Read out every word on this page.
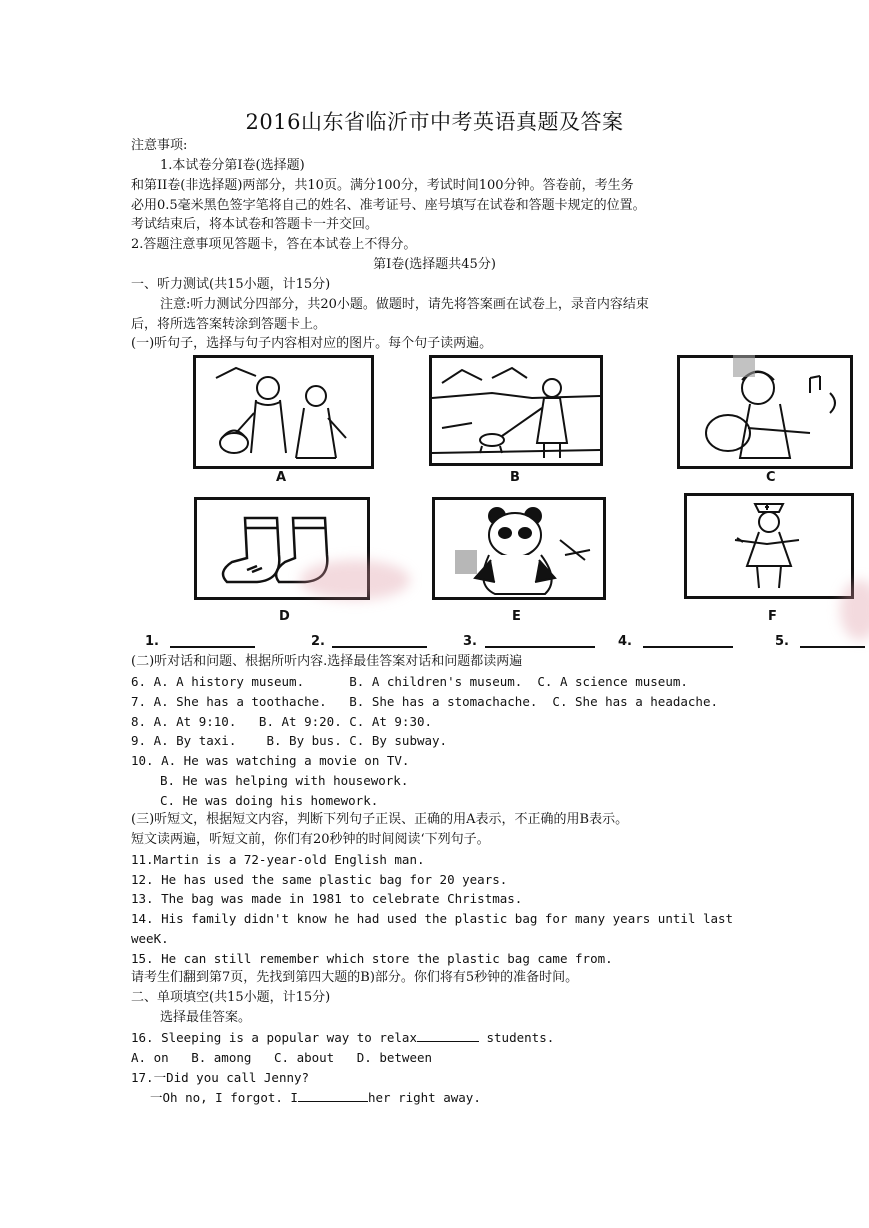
2016山东省临沂市中考英语真题及答案
注意事项:
1.本试卷分第Ⅰ卷(选择题)
和第II卷(非选择题)两部分，共10页。满分100分，考试时间100分钟。答卷前，考生务
必用0.5毫米黑色签字笔将自己的姓名、准考证号、座号填写在试卷和答题卡规定的位置。
考试结束后，将本试卷和答题卡一并交回。
2.答题注意事项见答题卡，答在本试卷上不得分。
第Ⅰ卷(选择题共45分)
一、听力测试(共15小题，计15分)
注意:听力测试分四部分，共20小题。做题时，请先将答案画在试卷上，录音内容结束
后，将所选答案转涂到答题卡上。
(一)听句子，选择与句子内容相对应的图片。每个句子读两遍。
A	B	C
D	E	F
1.	2.	3.	4.	5.
(二)听对话和问题、根据所听内容.选择最佳答案对话和问题都读两遍
6. A. A history museum.      B. A children's museum.  C. A science museum.
7. A. She has a toothache.   B. She has a stomachache.  C. She has a headache.
8. A. At 9:10.   B. At 9:20. C. At 9:30.
9. A. By taxi.    B. By bus. C. By subway.
10. A. He was watching a movie on TV.
B. He was helping with housework.
C. He was doing his homework.
(三)听短文，根据短文内容，判断下列句子正误、正确的用A表示，不正确的用B表示。
短文读两遍，听短文前，你们有20秒钟的时间阅读‘下列句子。
11.Martin is a 72-year-old English man.
12. He has used the same plastic bag for 20 years.
13. The bag was made in 1981 to celebrate Christmas.
14. His family didn't know he had used the plastic bag for many years until last
weeK.
15. He can still remember which store the plastic bag came from.
请考生们翻到第7页，先找到第四大题的B)部分。你们将有5秒钟的准备时间。
二、单项填空(共15小题，计15分)
选择最佳答案。
16. Sleeping is a popular way to relax	students.
A. on   B. among   C. about   D. between
17.一Did you call Jenny?
一Oh no, I forgot. I	her right away.
